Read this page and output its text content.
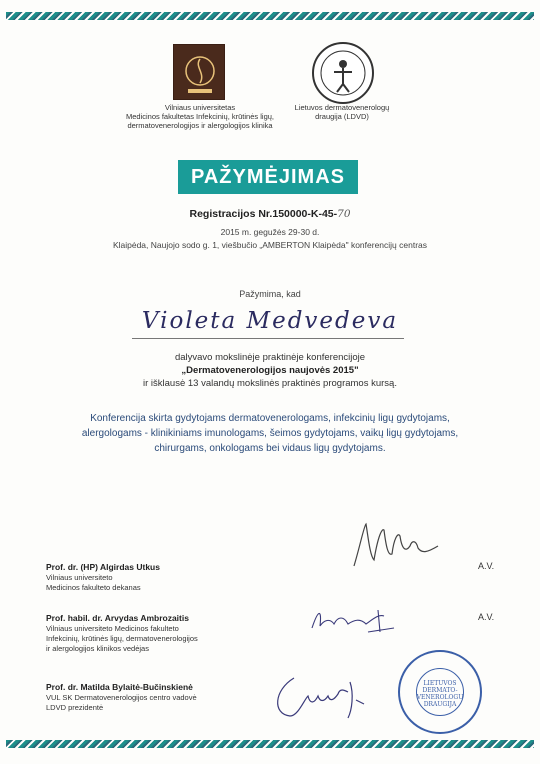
Vilniaus universitetas
Medicinos fakultetas Infekcinių, krūtinės ligų,
dermatovenerologijos ir alergologijos klinika
Lietuvos dermatovenerologų
draugija (LDVD)
PAŽYMĖJIMAS
Registracijos Nr.150000-K-45-70
2015 m. gegužės 29-30 d.
Klaipėda, Naujojo sodo g. 1, viešbučio „AMBERTON Klaipėda" konferencijų centras
Pažymima, kad
Violeta Medvedeva
dalyvavo mokslinėje praktinėje konferencijoje
„Dermatovenerologijos naujovės 2015"
ir išklausė 13 valandų mokslinės praktinės programos kursą.
Konferencija skirta gydytojams dermatovenerologams, infekcinių ligų gydytojams,
alergologams - klinikiniams imunologams, šeimos gydytojams, vaikų ligų gydytojams,
chirurgams, onkologams bei vidaus ligų gydytojams.
Prof. dr. (HP) Algirdas Utkus
Vilniaus universiteto
Medicinos fakulteto dekanas
A.V.
Prof. habil. dr. Arvydas Ambrozaitis
Vilniaus universiteto Medicinos fakulteto
Infekcinių, krūtinės ligų, dermatovenerologijos
ir alergologijos klinikos vedėjas
A.V.
Prof. dr. Matilda Bylaitė-Bučinskienė
VUL SK Dermatovenerologijos centro vadovė
LDVD prezidentė
LIETUVOS
DERMATO-
VENEROLOGU
DRAUGIJA
